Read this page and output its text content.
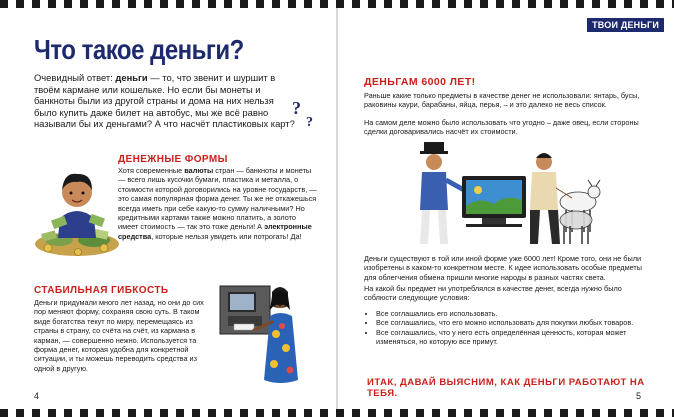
ТВОИ ДЕНЬГИ
Что такое деньги?
Очевидный ответ: деньги — то, что звенит и шуршит в твоём кармане или кошельке. Но если бы монеты и банкноты были из другой страны и дома на них нельзя было купить даже билет на автобус, мы же всё равно называли бы их деньгами? А что насчёт пластиковых карт?
?
?
ДЕНЕЖНЫЕ ФОРМЫ
Хотя современные валюты стран — банкноты и монеты — всего лишь кусочки бумаги, пластика и металла, о стоимости которой договорились на уровне государств, — это самая популярная форма денег. Ты же не откажешься всегда иметь при себе какую-то сумму наличными? Но кредитными картами также можно платить, а золото имеет стоимость — так это тоже деньги! А электронные средства, которые нельзя увидеть или потрогать! Да!
СТАБИЛЬНАЯ ГИБКОСТЬ
Деньги придумали много лет назад, но они до сих пор меняют форму, сохраняя свою суть. В таком виде богатства текут по миру, перемещаясь из страны в страну, со счёта на счёт, из кармана в карман, — совершенно нежно. Используется та форма денег, которая удобна для конкретной ситуации, и ты можешь переводить средства из одной в другую.
4
ДЕНЬГАМ 6000 ЛЕТ!
Раньше какие только предметы в качестве денег не использовали: янтарь, бусы, раковины каури, барабаны, яйца, перья, – и это далеко не весь список.
На самом деле можно было использовать что угодно – даже овец, если стороны сделки договаривались насчёт их стоимости.
Деньги существуют в той или иной форме уже 6000 лет! Кроме того, они не были изобретены в каком-то конкретном месте. К идее использовать особые предметы для облегчения обмена пришли многие народы в разных частях света.
На какой бы предмет ни употреблялся в качестве денег, всегда нужно было соблюсти следующие условия:
• Все соглашались его использовать.
• Все соглашались, что его можно использовать для покупки любых товаров.
• Все соглашались, что у него есть определённая ценность, которая может изменяться, но которую все примут.
ИТАК, ДАВАЙ ВЫЯСНИМ, КАК ДЕНЬГИ РАБОТАЮТ НА ТЕБЯ.	5
